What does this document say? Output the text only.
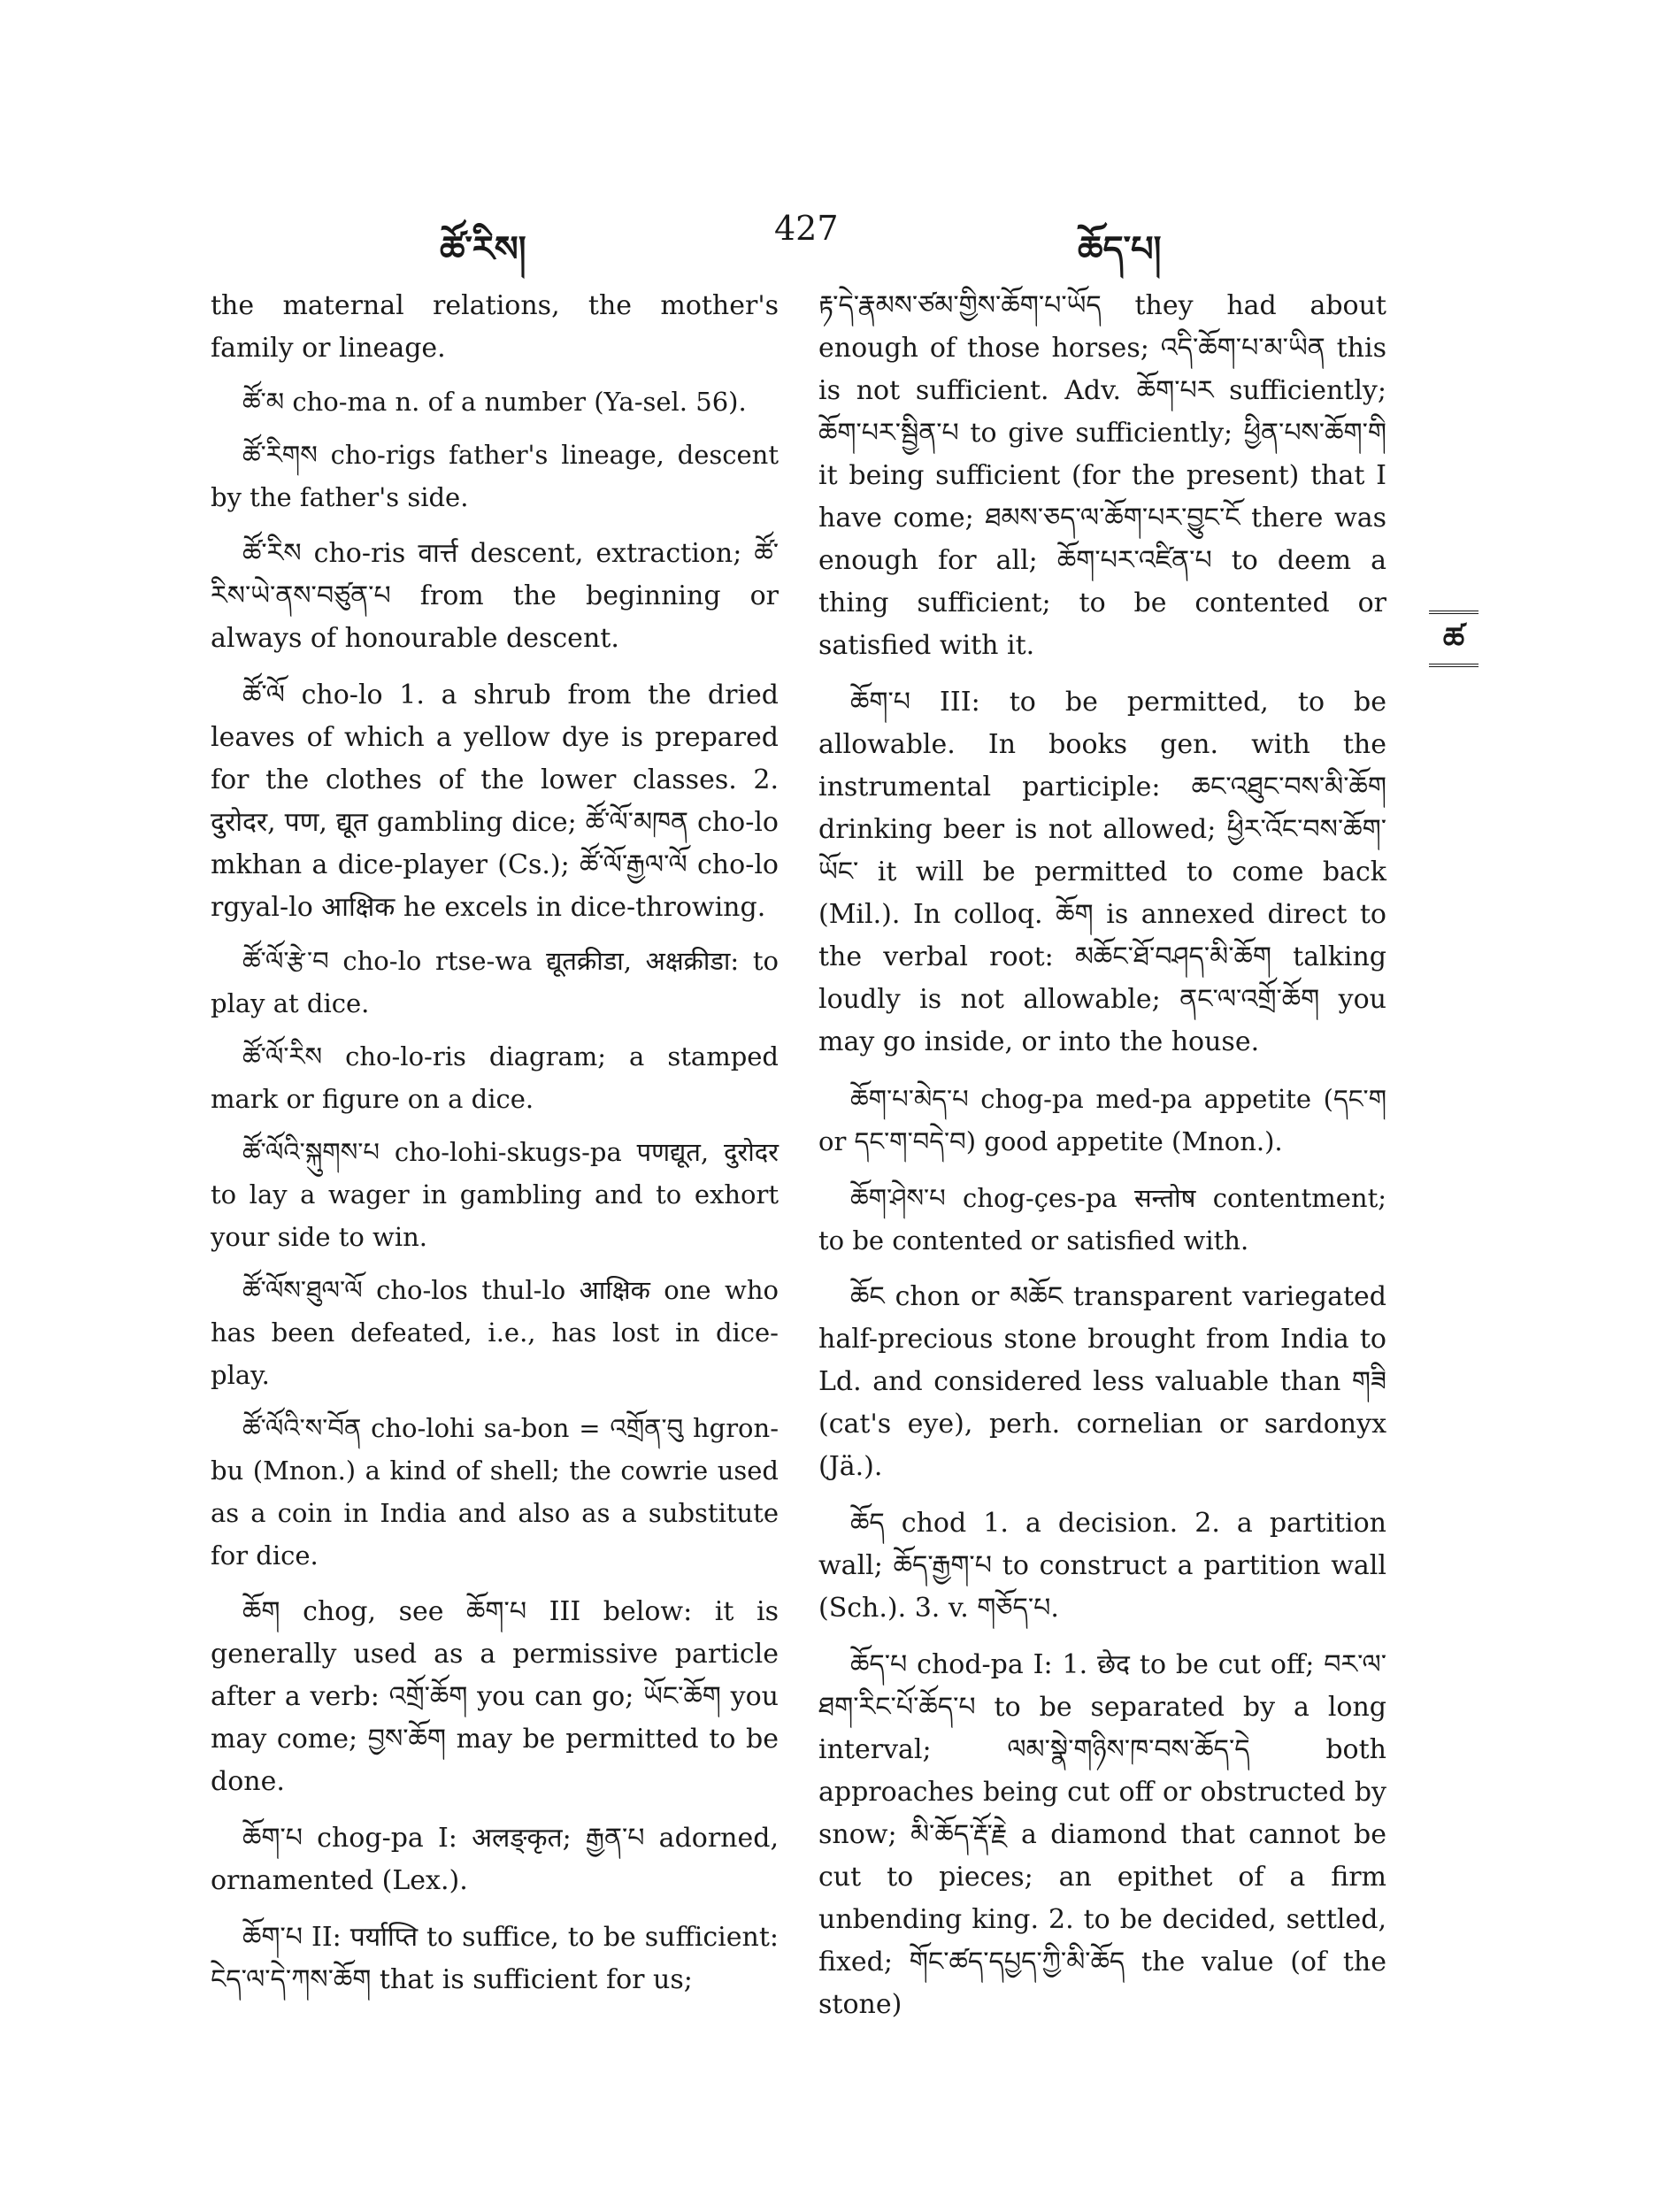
ཚོ་རིས།	427	ཆོད་པ།
ཚ

the maternal relations, the mother's family or lineage.

ཚོ་མ cho-ma n. of a number (Ya-sel. 56).

ཚོ་རིགས cho-rigs father's lineage, descent by the father's side.

ཚོ་རིས cho-ris वार्त्त descent, extraction; ཚོ་རིས་ཡེ་ནས་བཙུན་པ from the beginning or always of honourable descent.

ཚོ་ལོ cho-lo 1. a shrub from the dried leaves of which a yellow dye is prepared for the clothes of the lower classes. 2. दुरोदर, पण, द्यूत gambling dice; ཚོ་ལོ་མཁན cho-lo mkhan a dice-player (Cs.); ཚོ་ལོ་རྒྱལ་ལོ cho-lo rgyal-lo आक्षिक he excels in dice-throwing.

ཚོ་ལོ་རྩེ་བ cho-lo rtse-wa द्यूतक्रीडा, अक्षक्रीडा: to play at dice.

ཚོ་ལོ་རིས cho-lo-ris diagram; a stamped mark or figure on a dice.

ཚོ་ལོའི་སྐུགས་པ cho-lohi-skugs-pa पणद्यूत, दुरोदर to lay a wager in gambling and to exhort your side to win.

ཚོ་ལོས་ཐུལ་ལོ cho-los thul-lo आक्षिक one who has been defeated, i.e., has lost in dice-play.

ཚོ་ལོའི་ས་བོན cho-lohi sa-bon = འགྲོན་བུ hgron-bu (Mnon.) a kind of shell; the cowrie used as a coin in India and also as a substitute for dice.

ཆོག chog, see ཆོག་པ III below: it is generally used as a permissive particle after a verb: འགྲོ་ཆོག you can go; ཡོང་ཆོག you may come; བྱས་ཆོག may be permitted to be done.

ཆོག་པ chog-pa I: अलङ्कृत; རྒྱན་པ adorned, ornamented (Lex.).

ཆོག་པ II: पर्याप्ति to suffice, to be sufficient: ངེད་ལ་དེ་ཀས་ཆོག that is sufficient for us;

རྟ་དེ་རྣམས་ཙམ་གྱིས་ཆོག་པ་ཡོད they had about enough of those horses; འདི་ཆོག་པ་མ་ཡིན this is not sufficient. Adv. ཆོག་པར sufficiently; ཆོག་པར་སྦྱིན་པ to give sufficiently; ཕྱིན་པས་ཆོག་གི it being sufficient (for the present) that I have come; ཐམས་ཅད་ལ་ཆོག་པར་བྱུང་ངོ there was enough for all; ཆོག་པར་འཛིན་པ to deem a thing sufficient; to be contented or satisfied with it.

ཆོག་པ III: to be permitted, to be allowable. In books gen. with the instrumental participle: ཆང་འཐུང་བས་མི་ཆོག drinking beer is not allowed; ཕྱིར་འོང་བས་ཆོག་ཡོང་ it will be permitted to come back (Mil.). In colloq. ཆོག is annexed direct to the verbal root: མཆོང་ཐོ་བཤད་མི་ཆོག talking loudly is not allowable; ནང་ལ་འགྲོ་ཆོག you may go inside, or into the house.

ཆོག་པ་མེད་པ chog-pa med-pa appetite (དང་ག or དང་ག་བདེ་བ) good appetite (Mnon.).

ཆོག་ཤེས་པ chog-çes-pa सन्तोष contentment; to be contented or satisfied with.

ཆོང chon or མཆོང transparent variegated half-precious stone brought from India to Ld. and considered less valuable than གཟི (cat's eye), perh. cornelian or sardonyx (Jä.).

ཆོད chod 1. a decision. 2. a partition wall; ཆོད་རྒྱག་པ to construct a partition wall (Sch.). 3. v. གཅོད་པ.

ཆོད་པ chod-pa I: 1. छेद to be cut off; བར་ལ་ཐག་རིང་པོ་ཆོད་པ to be separated by a long interval; ལམ་སྣེ་གཉིས་ཁ་བས་ཆོད་དེ both approaches being cut off or obstructed by snow; མི་ཆོད་རྡོ་རྗེ a diamond that cannot be cut to pieces; an epithet of a firm unbending king. 2. to be decided, settled, fixed; གོང་ཚད་དཔྱད་ཀྱི་མི་ཆོད the value (of the stone)
